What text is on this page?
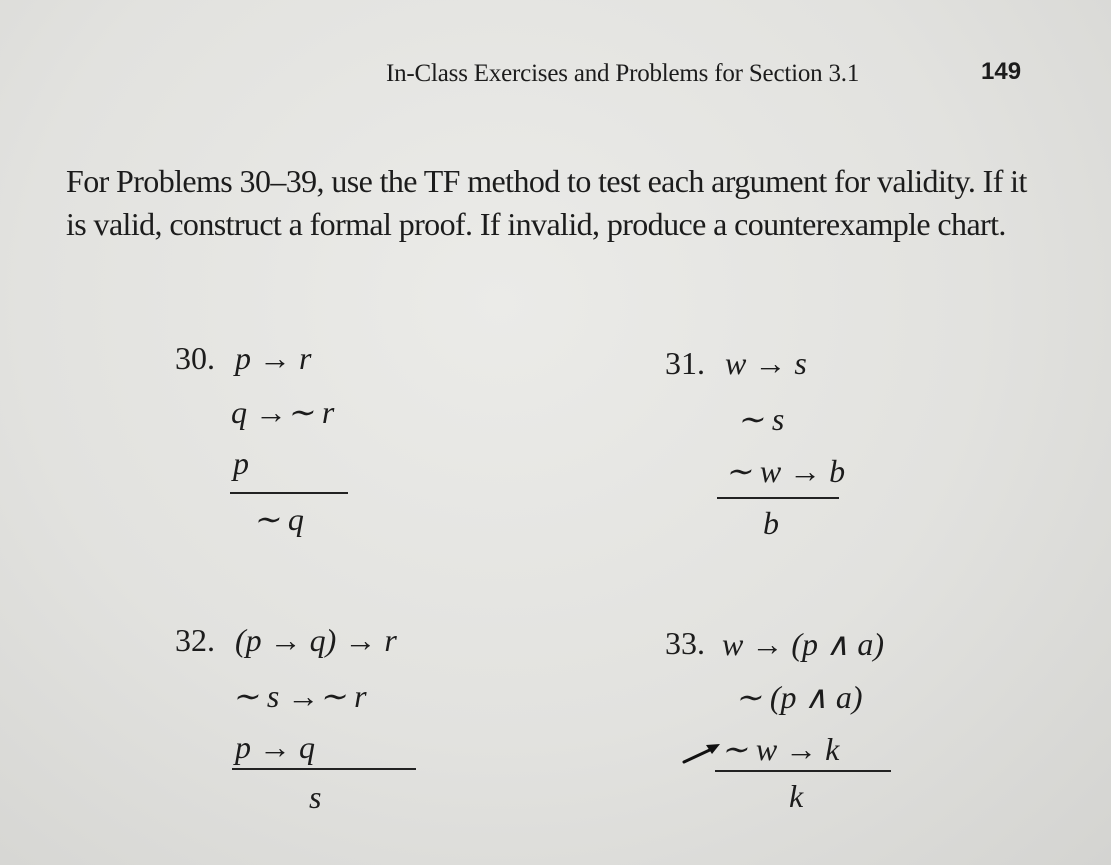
In-Class Exercises and Problems for Section 3.1	149
For Problems 30–39, use the TF method to test each argument for validity. If it is valid, construct a formal proof. If invalid, produce a counterexample chart.
30. p → r
q →∼ r
p
∼ q
31. w → s
∼ s
∼ w → b
b
32. (p → q) → r
∼ s →∼ r
p → q
s
33. w → (p ∧ a)
∼ (p ∧ a)
∼ w → k
k
